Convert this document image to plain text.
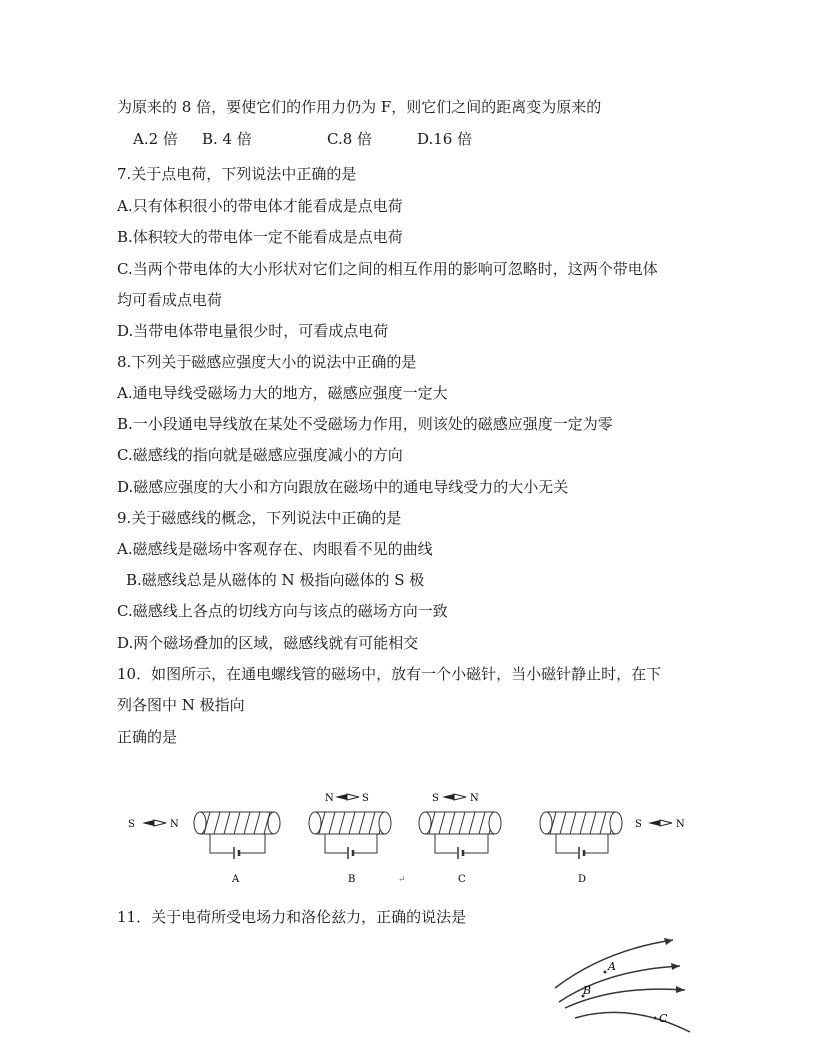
为原来的 8 倍，要使它们的作用力仍为 F，则它们之间的距离变为原来的
A.2 倍 B. 4 倍	C.8 倍	D.16 倍
7.关于点电荷，下列说法中正确的是
A.只有体积很小的带电体才能看成是点电荷
B.体积较大的带电体一定不能看成是点电荷
C.当两个带电体的大小形状对它们之间的相互作用的影响可忽略时，这两个带电体
均可看成点电荷
D.当带电体带电量很少时，可看成点电荷
8.下列关于磁感应强度大小的说法中正确的是
A.通电导线受磁场力大的地方，磁感应强度一定大
B.一小段通电导线放在某处不受磁场力作用，则该处的磁感应强度一定为零
C.磁感线的指向就是磁感应强度减小的方向
D.磁感应强度的大小和方向跟放在磁场中的通电导线受力的大小无关
9.关于磁感线的概念，下列说法中正确的是
A.磁感线是磁场中客观存在、肉眼看不见的曲线
B.磁感线总是从磁体的 N 极指向磁体的 S 极
C.磁感线上各点的切线方向与该点的磁场方向一致
D.两个磁场叠加的区域，磁感线就有可能相交
10．如图所示，在通电螺线管的磁场中，放有一个小磁针，当小磁针静止时，在下
列各图中 N 极指向
正确的是
S	N
A
N	S
B	↵
S	N
C
S	N
D
11．关于电荷所受电场力和洛伦兹力，正确的说法是
A
B
C
